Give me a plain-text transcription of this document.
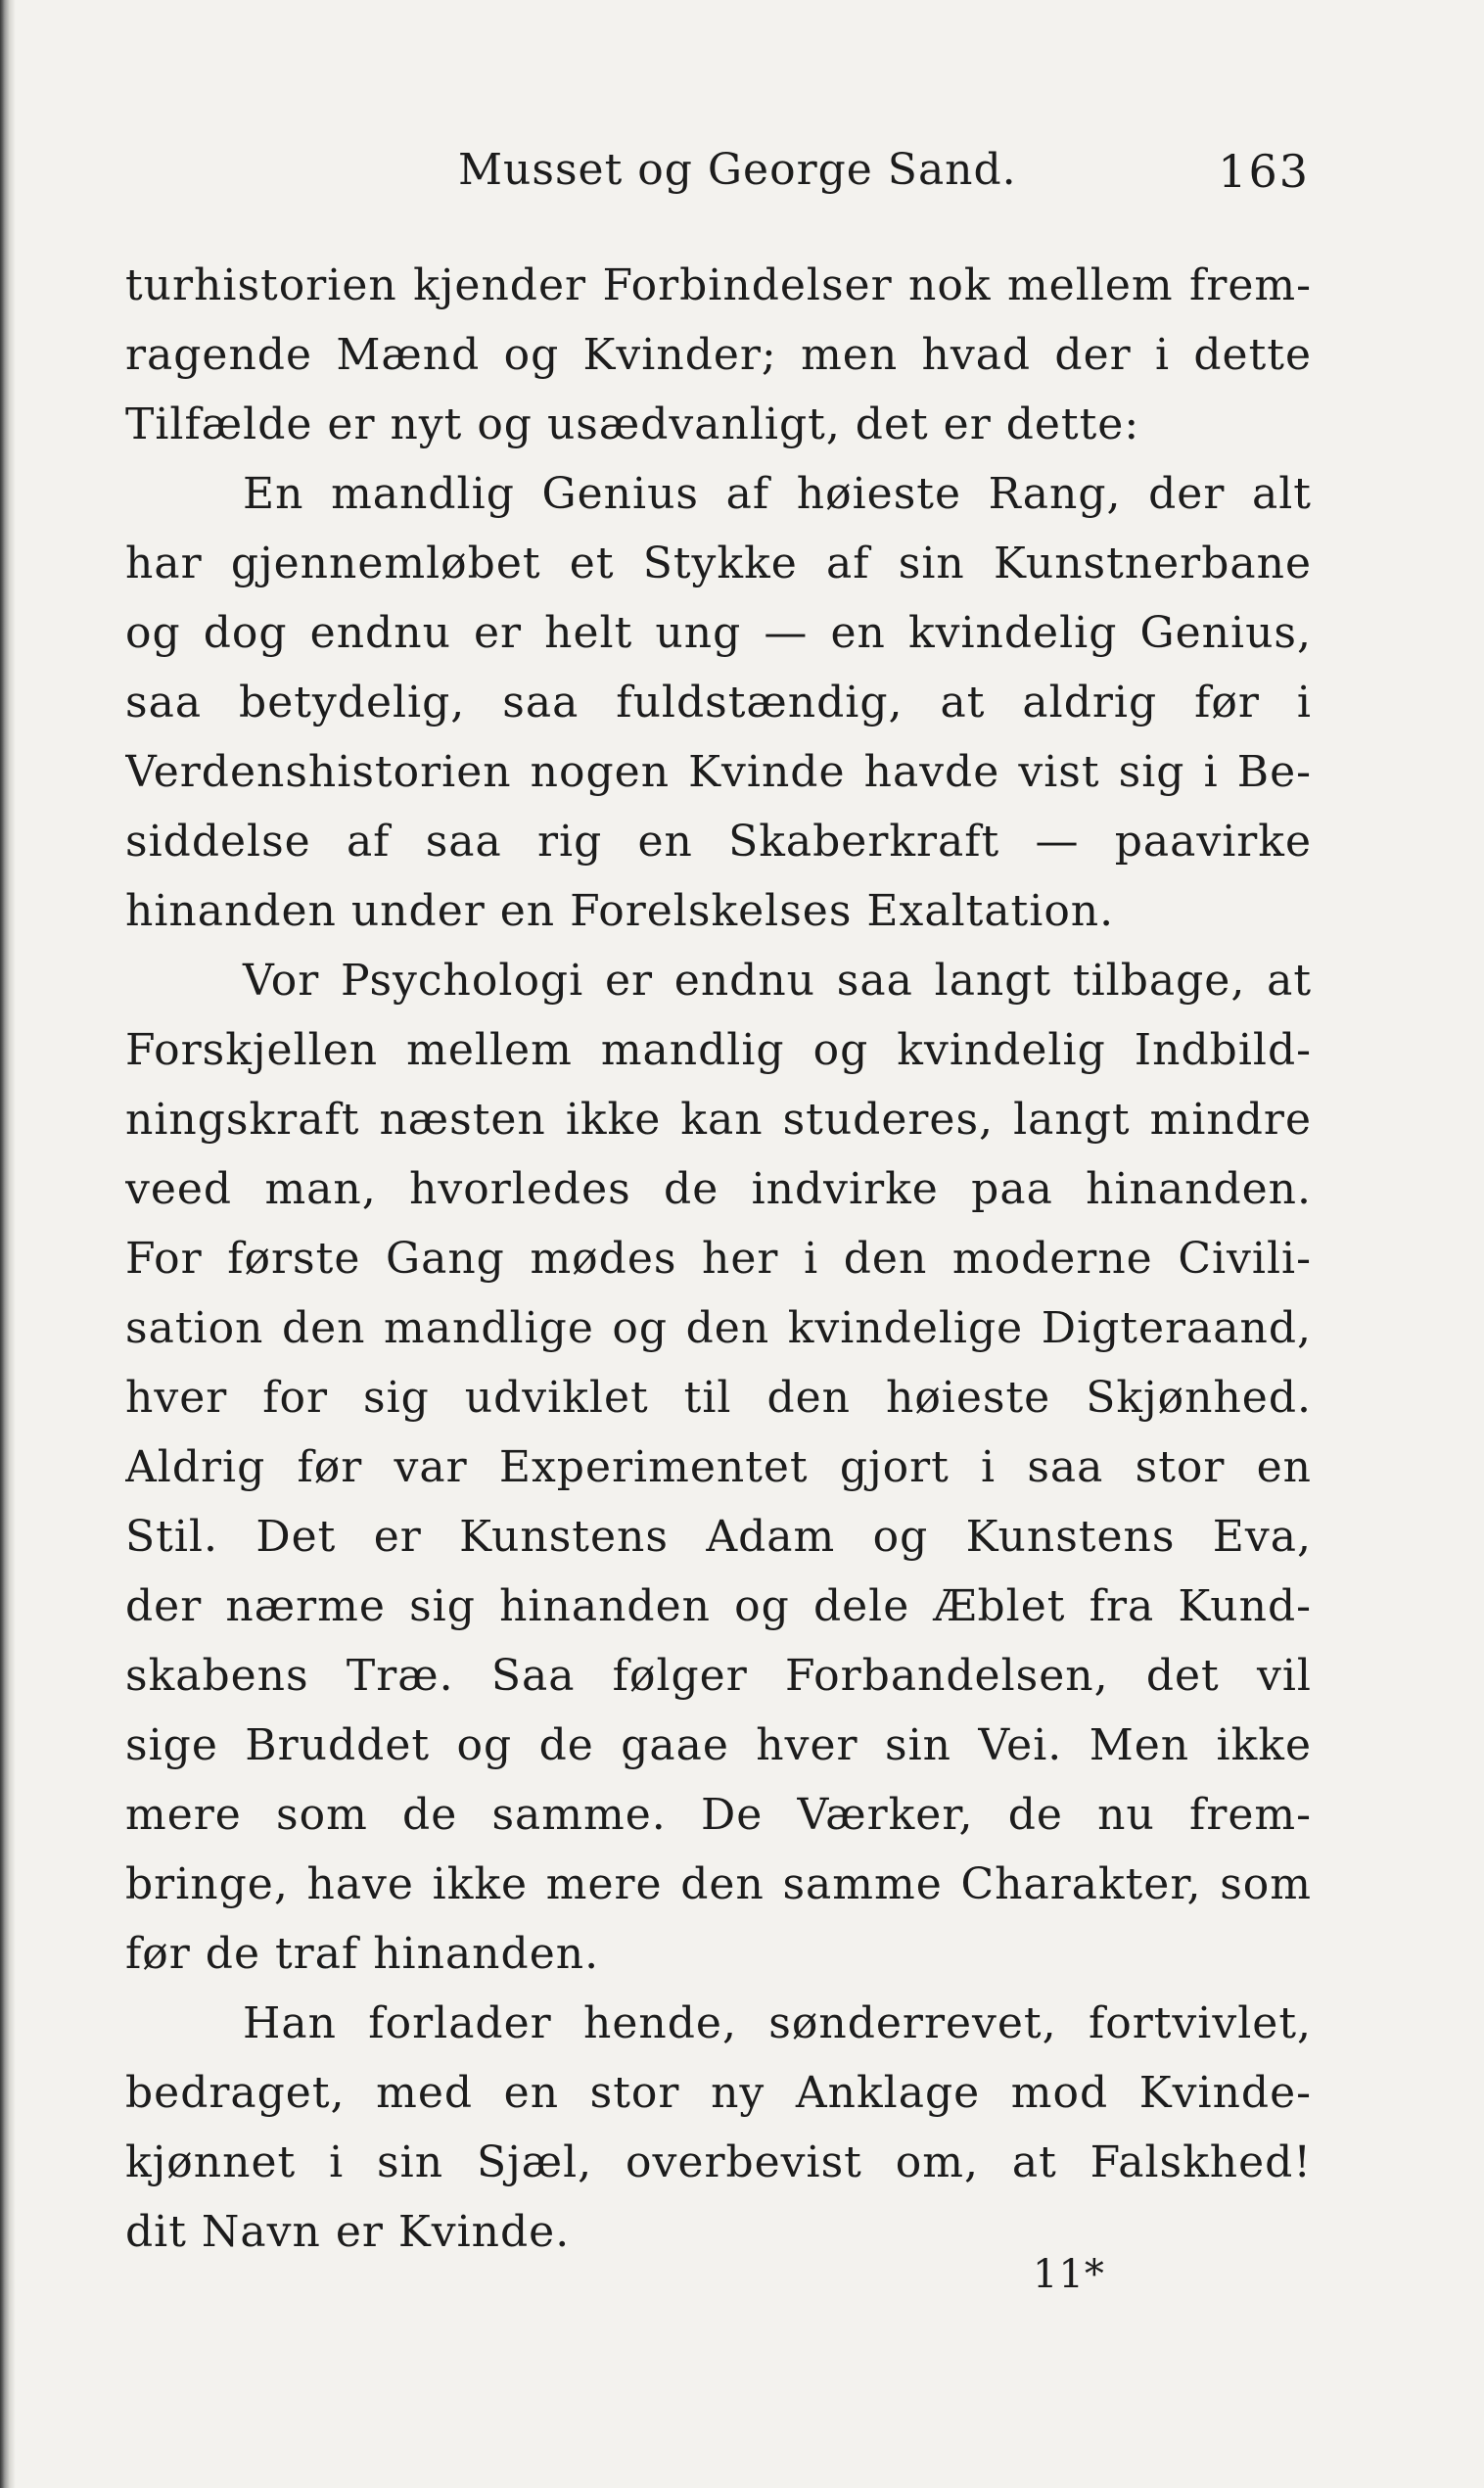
Musset og George Sand.	163
turhistorien kjender Forbindelser nok mellem frem-
ragende Mænd og Kvinder; men hvad der i dette
Tilfælde er nyt og usædvanligt, det er dette:
En mandlig Genius af høieste Rang, der alt
har gjennemløbet et Stykke af sin Kunstnerbane
og dog endnu er helt ung — en kvindelig Genius,
saa betydelig, saa fuldstændig, at aldrig før i
Verdenshistorien nogen Kvinde havde vist sig i Be-
siddelse af saa rig en Skaberkraft — paavirke
hinanden under en Forelskelses Exaltation.
Vor Psychologi er endnu saa langt tilbage, at
Forskjellen mellem mandlig og kvindelig Indbild-
ningskraft næsten ikke kan studeres, langt mindre
veed man, hvorledes de indvirke paa hinanden.
For første Gang mødes her i den moderne Civili-
sation den mandlige og den kvindelige Digteraand,
hver for sig udviklet til den høieste Skjønhed.
Aldrig før var Experimentet gjort i saa stor en
Stil. Det er Kunstens Adam og Kunstens Eva,
der nærme sig hinanden og dele Æblet fra Kund-
skabens Træ. Saa følger Forbandelsen, det vil
sige Bruddet og de gaae hver sin Vei. Men ikke
mere som de samme. De Værker, de nu frem-
bringe, have ikke mere den samme Charakter, som
før de traf hinanden.
Han forlader hende, sønderrevet, fortvivlet,
bedraget, med en stor ny Anklage mod Kvinde-
kjønnet i sin Sjæl, overbevist om, at Falskhed!
dit Navn er Kvinde.
11*
